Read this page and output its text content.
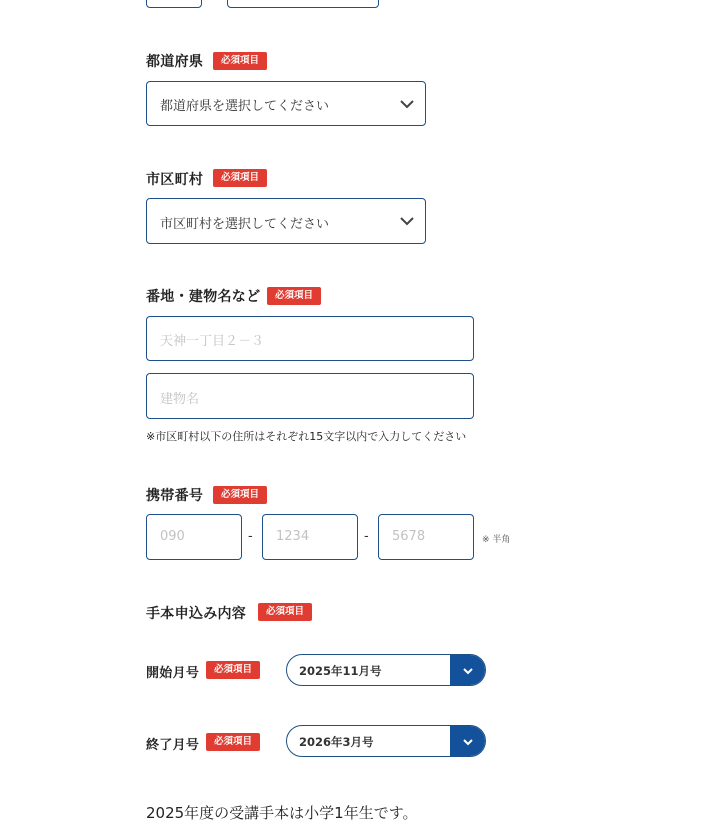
都道府県	必須項目
都道府県を選択してください
市区町村	必須項目
市区町村を選択してください
番地・建物名など	必須項目
天神一丁目２－３
建物名
※市区町村以下の住所はそれぞれ15文字以内で入力してください
携帯番号	必須項目
090	- 1234	- 5678	※ 半角
手本申込み内容	必須項目
開始月号	必須項目	2025年11月号
終了月号	必須項目	2026年3月号
2025年度の受講手本は小学1年生です。
